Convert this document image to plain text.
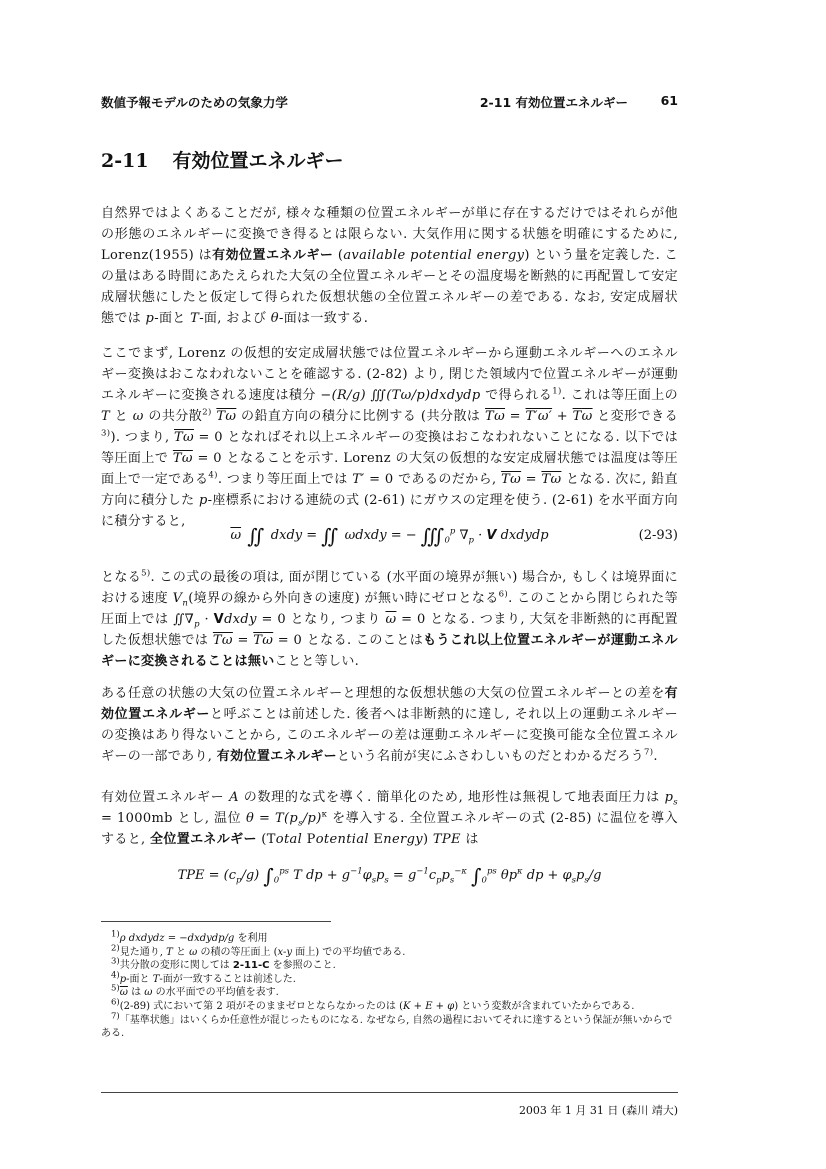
数値予報モデルのための気象力学	2-11 有効位置エネルギー	61
2-11 有効位置エネルギー
自然界ではよくあることだが, 様々な種類の位置エネルギーが単に存在するだけではそれらが他の形態のエネルギーに変換でき得るとは限らない. 大気作用に関する状態を明確にするために, Lorenz(1955) は有効位置エネルギー (available potential energy) という量を定義した. この量はある時間にあたえられた大気の全位置エネルギーとその温度場を断熱的に再配置して安定成層状態にしたと仮定して得られた仮想状態の全位置エネルギーの差である. なお, 安定成層状態では p-面と T-面, および θ-面は一致する.
ここでまず, Lorenz の仮想的安定成層状態では位置エネルギーから運動エネルギーへのエネルギー変換はおこなわれないことを確認する. (2-82) より, 閉じた領域内で位置エネルギーが運動エネルギーに変換される速度は積分 −(R/g) ∭(Tω/p)dxdydp で得られる$^{1)}$. これは等圧面上の T と ω の共分散$^{2)}$ $\overline{T\omega}$ の鉛直方向の積分に比例する (共分散は $\overline{T\omega} = T'\omega' + \overline{T}\overline{\omega}$ と変形できる$^{3)}$). つまり, $\overline{T\omega} = 0$ となればそれ以上エネルギーの変換はおこなわれないことになる. 以下では等圧面上で $\overline{T\omega} = 0$ となることを示す. Lorenz の大気の仮想的な安定成層状態では温度は等圧面上で一定である$^{4)}$. つまり等圧面上では T′ = 0 であるのだから, $\overline{T\omega} = \overline{T}\overline{\omega}$ となる. 次に, 鉛直方向に積分した p-座標系における連続の式 (2-61) にガウスの定理を使う. (2-61) を水平面方向に積分すると,
$\overline{\omega}$ ∬ dxdy = ∬ ωdxdy = − $∭_0^p$ $\nabla_p \cdot V$ dxdydp	(2-93)
となる$^{5)}$. この式の最後の項は, 面が閉じている (水平面の境界が無い) 場合か, もしくは境界面における速度 $V_n$(境界の線から外向きの速度) が無い時にゼロとなる$^{6)}$. このことから閉じられた等圧面上では $∬\nabla_p$ · Vdxdy = 0 となり, つまり $\overline{\omega} = 0$ となる. つまり, 大気を非断熱的に再配置した仮想状態では $\overline{T\omega} = \overline{T}\overline{\omega} = 0$ となる. このことはもうこれ以上位置エネルギーが運動エネルギーに変換されることは無いことと等しい.
ある任意の状態の大気の位置エネルギーと理想的な仮想状態の大気の位置エネルギーとの差を有効位置エネルギーと呼ぶことは前述した. 後者へは非断熱的に達し, それ以上の運動エネルギーの変換はあり得ないことから, このエネルギーの差は運動エネルギーに変換可能な全位置エネルギーの一部であり, 有効位置エネルギーという名前が実にふさわしいものだとわかるだろう$^{7)}$.
有効位置エネルギー A の数理的な式を導く. 簡単化のため, 地形性は無視して地表面圧力は $p_s = 1000mb$ とし, 温位 $\theta = T(p_s/p)^\kappa$ を導入する. 全位置エネルギーの式 (2-85) に温位を導入すると, 全位置エネルギー (Total Potential Energy) TPE は
TPE = $(c_p/g)$ $\int_0^{ps}$ T dp + $g^{-1}\varphi_sp_s = g^{-1}c_pp_s^{-\kappa}$ $\int_0^{ps}$ $\theta p^\kappa$ dp + $\varphi_sp_s/g$
$^{1)}$ρ dxdydz = −dxdydp/g を利用
$^{2)}$見た通り, T と ω の積の等圧面上 (x-y 面上) での平均値である.
$^{3)}$共分散の変形に関しては 2-11-C を参照のこと.
$^{4)}$p-面と T-面が一致することは前述した.
$^{5)}\overline{\omega}$ は ω の水平面での平均値を表す.
$^{6)}$(2-89) 式において第 2 項がそのままゼロとならなかったのは (K + E + φ) という変数が含まれていたからである.
$^{7)}$「基準状態」はいくらか任意性が混じったものになる. なぜなら, 自然の過程においてそれに達するという保証が無いからである.
2003 年 1 月 31 日 (森川 靖大)
